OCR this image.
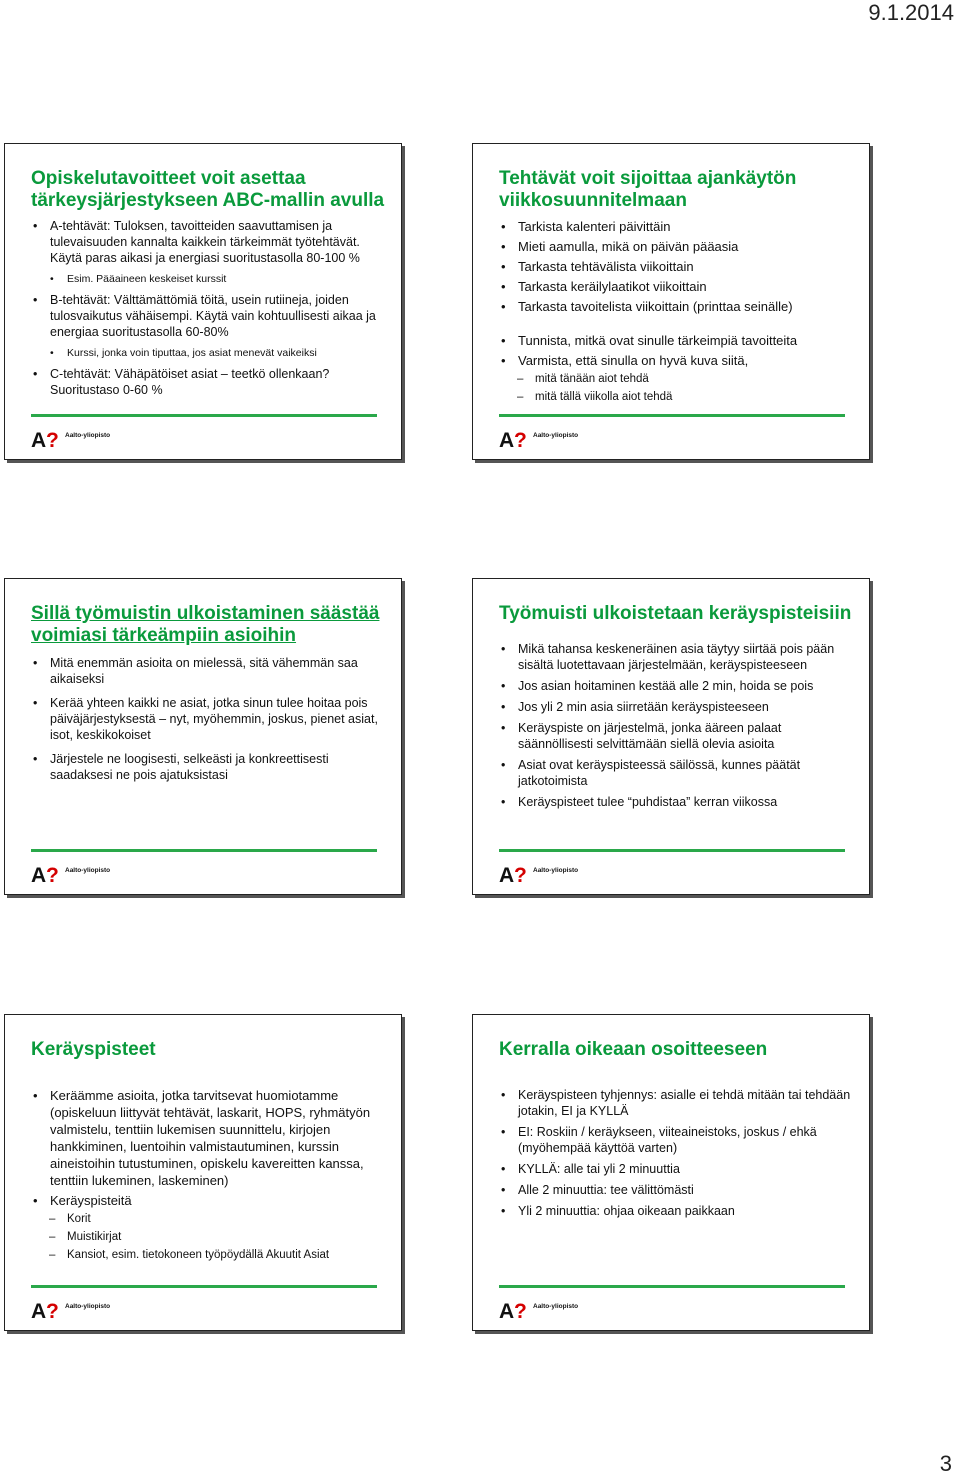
9.1.2014
Opiskelutavoitteet voit asettaa tärkeysjärjestykseen ABC-mallin avulla
• A-tehtävät: Tuloksen, tavoitteiden saavuttamisen ja tulevaisuuden kannalta kaikkein tärkeimmät työtehtävät. Käytä paras aikasi ja energiasi suoritustasolla 80-100 %
• Esim. Pääaineen keskeiset kurssit
• B-tehtävät: Välttämättömiä töitä, usein rutiineja, joiden tulosvaikutus vähäisempi. Käytä vain kohtuullisesti aikaa ja energiaa suoritustasolla 60-80%
• Kurssi, jonka voin tiputtaa, jos asiat menevät vaikeiksi
• C-tehtävät: Vähäpätöiset asiat – teetkö ollenkaan? Suoritustaso 0-60 %
A ? Aalto-yliopisto
Tehtävät voit sijoittaa ajankäytön viikkosuunnitelmaan
• Tarkista kalenteri päivittäin
• Mieti aamulla, mikä on päivän pääasia
• Tarkasta tehtävälista viikoittain
• Tarkasta keräilylaatikot viikoittain
• Tarkasta tavoitelista viikoittain (printtaa seinälle)
• Tunnista, mitkä ovat sinulle tärkeimpiä tavoitteita
• Varmista, että sinulla on hyvä kuva siitä,
– mitä tänään aiot tehdä
– mitä tällä viikolla aiot tehdä
A ? Aalto-yliopisto
Sillä työmuistin ulkoistaminen säästää voimiasi tärkeämpiin asioihin
• Mitä enemmän asioita on mielessä, sitä vähemmän saa aikaiseksi
• Kerää yhteen kaikki ne asiat, jotka sinun tulee hoitaa pois päiväjärjestyksestä – nyt, myöhemmin, joskus, pienet asiat, isot, keskikokoiset
• Järjestele ne loogisesti, selkeästi ja konkreettisesti saadaksesi ne pois ajatuksistasi
A ? Aalto-yliopisto
Työmuisti ulkoistetaan keräyspisteisiin
• Mikä tahansa keskeneräinen asia täytyy siirtää pois pään sisältä luotettavaan järjestelmään, keräyspisteeseen
• Jos asian hoitaminen kestää alle 2 min, hoida se pois
• Jos yli 2 min asia siirretään keräyspisteeseen
• Keräyspiste on järjestelmä, jonka ääreen palaat säännöllisesti selvittämään siellä olevia asioita
• Asiat ovat keräyspisteessä säilössä, kunnes päätät jatkotoimista
• Keräyspisteet tulee “puhdistaa” kerran viikossa
A ? Aalto-yliopisto
Keräyspisteet
• Keräämme asioita, jotka tarvitsevat huomiotamme (opiskeluun liittyvät tehtävät, laskarit, HOPS, ryhmätyön valmistelu, tenttiin lukemisen suunnittelu, kirjojen hankkiminen, luentoihin valmistautuminen, kurssin aineistoihin tutustuminen, opiskelu kavereitten kanssa, tenttiin lukeminen, laskeminen)
• Keräyspisteitä
– Korit
– Muistikirjat
– Kansiot, esim. tietokoneen työpöydällä Akuutit Asiat
A ? Aalto-yliopisto
Kerralla oikeaan osoitteeseen
• Keräyspisteen tyhjennys: asialle ei tehdä mitään tai tehdään jotakin, EI ja KYLLÄ
• EI: Roskiin / keräykseen, viiteaineistoks, joskus / ehkä (myöhempää käyttöä varten)
• KYLLÄ: alle tai yli 2 minuuttia
• Alle 2 minuuttia: tee välittömästi
• Yli 2 minuuttia: ohjaa oikeaan paikkaan
A ? Aalto-yliopisto
3
